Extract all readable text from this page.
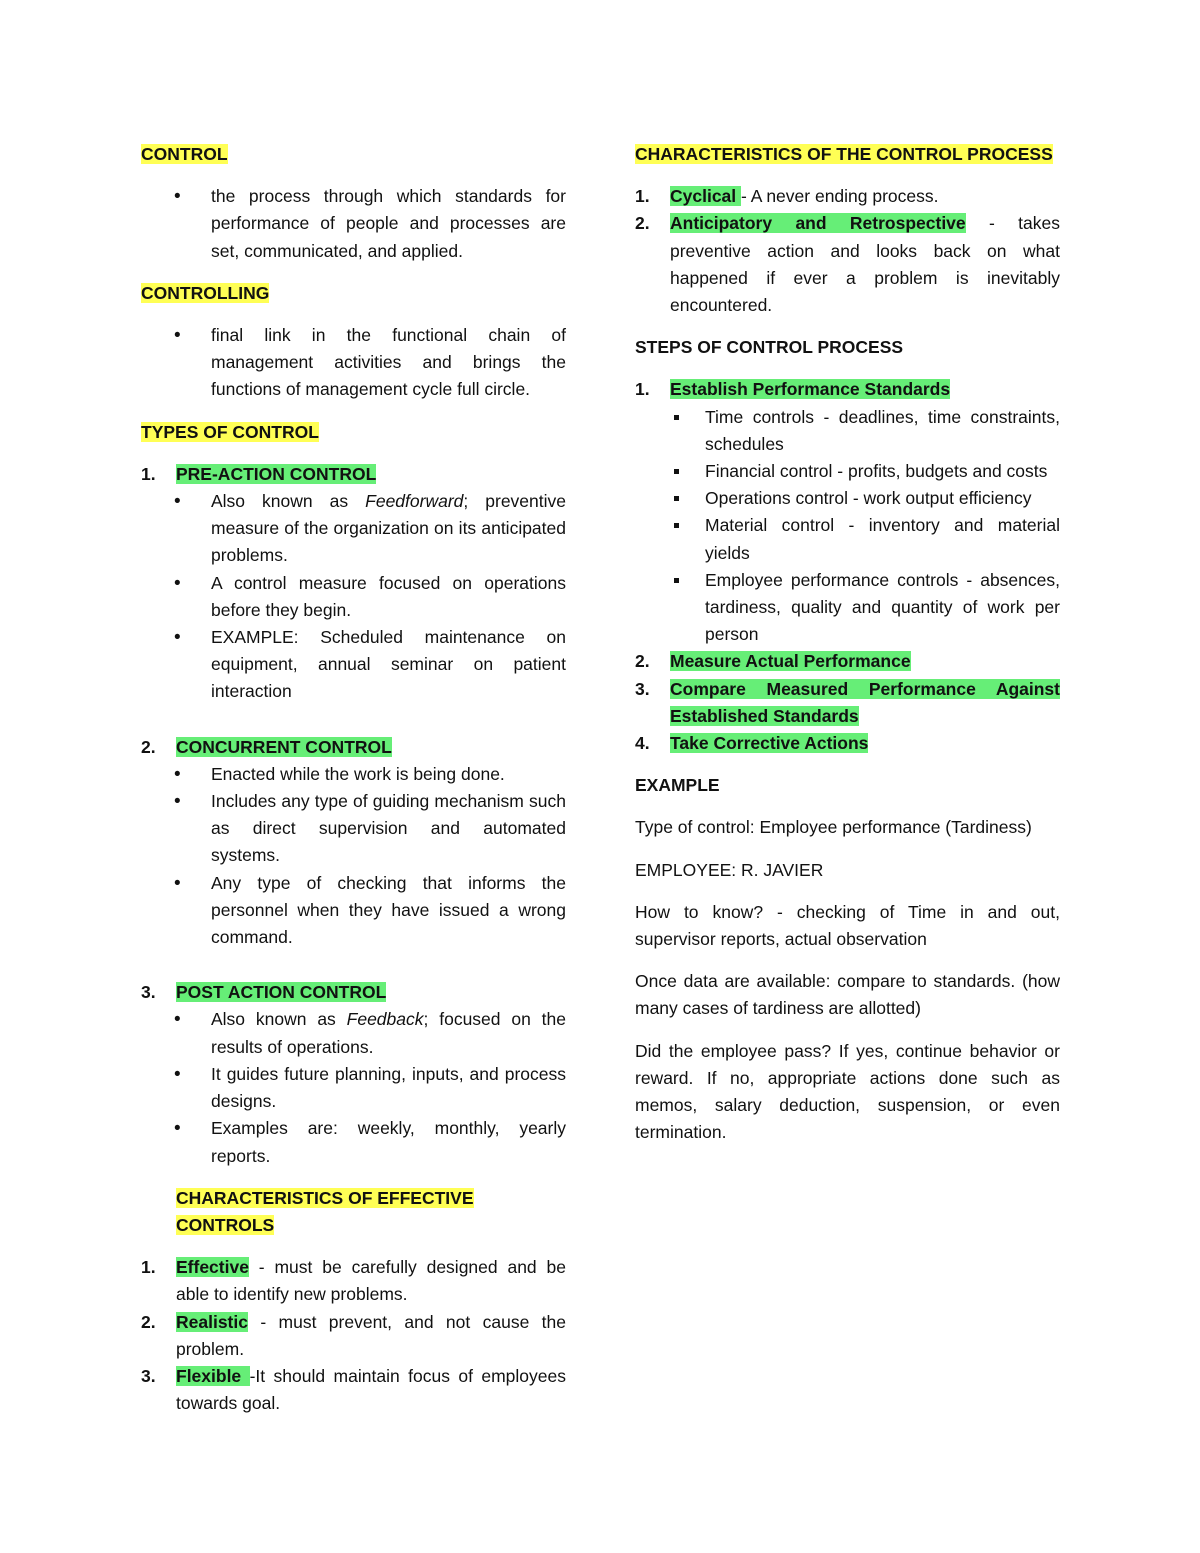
CONTROL
• the process through which standards for performance of people and processes are set, communicated, and applied.
CONTROLLING
• final link in the functional chain of management activities and brings the functions of management cycle full circle.
TYPES OF CONTROL
1. PRE-ACTION CONTROL
• Also known as Feedforward; preventive measure of the organization on its anticipated problems.
• A control measure focused on operations before they begin.
• EXAMPLE: Scheduled maintenance on equipment, annual seminar on patient interaction
2. CONCURRENT CONTROL
• Enacted while the work is being done.
• Includes any type of guiding mechanism such as direct supervision and automated systems.
• Any type of checking that informs the personnel when they have issued a wrong command.
3. POST ACTION CONTROL
• Also known as Feedback; focused on the results of operations.
• It guides future planning, inputs, and process designs.
• Examples are: weekly, monthly, yearly reports.
CHARACTERISTICS OF EFFECTIVE CONTROLS
1. Effective - must be carefully designed and be able to identify new problems.
2. Realistic - must prevent, and not cause the problem.
3. Flexible -It should maintain focus of employees towards goal.
CHARACTERISTICS OF THE CONTROL PROCESS
1. Cyclical - A never ending process.
2. Anticipatory and Retrospective - takes preventive action and looks back on what happened if ever a problem is inevitably encountered.
STEPS OF CONTROL PROCESS
1. Establish Performance Standards
Time controls - deadlines, time constraints, schedules
Financial control - profits, budgets and costs
Operations control - work output efficiency
Material control - inventory and material yields
Employee performance controls - absences, tardiness, quality and quantity of work per person
2. Measure Actual Performance
3. Compare Measured Performance Against Established Standards
4. Take Corrective Actions
EXAMPLE

Type of control: Employee performance (Tardiness)

EMPLOYEE: R. JAVIER

How to know? - checking of Time in and out, supervisor reports, actual observation

Once data are available: compare to standards. (how many cases of tardiness are allotted)

Did the employee pass? If yes, continue behavior or reward. If no, appropriate actions done such as memos, salary deduction, suspension, or even termination.
